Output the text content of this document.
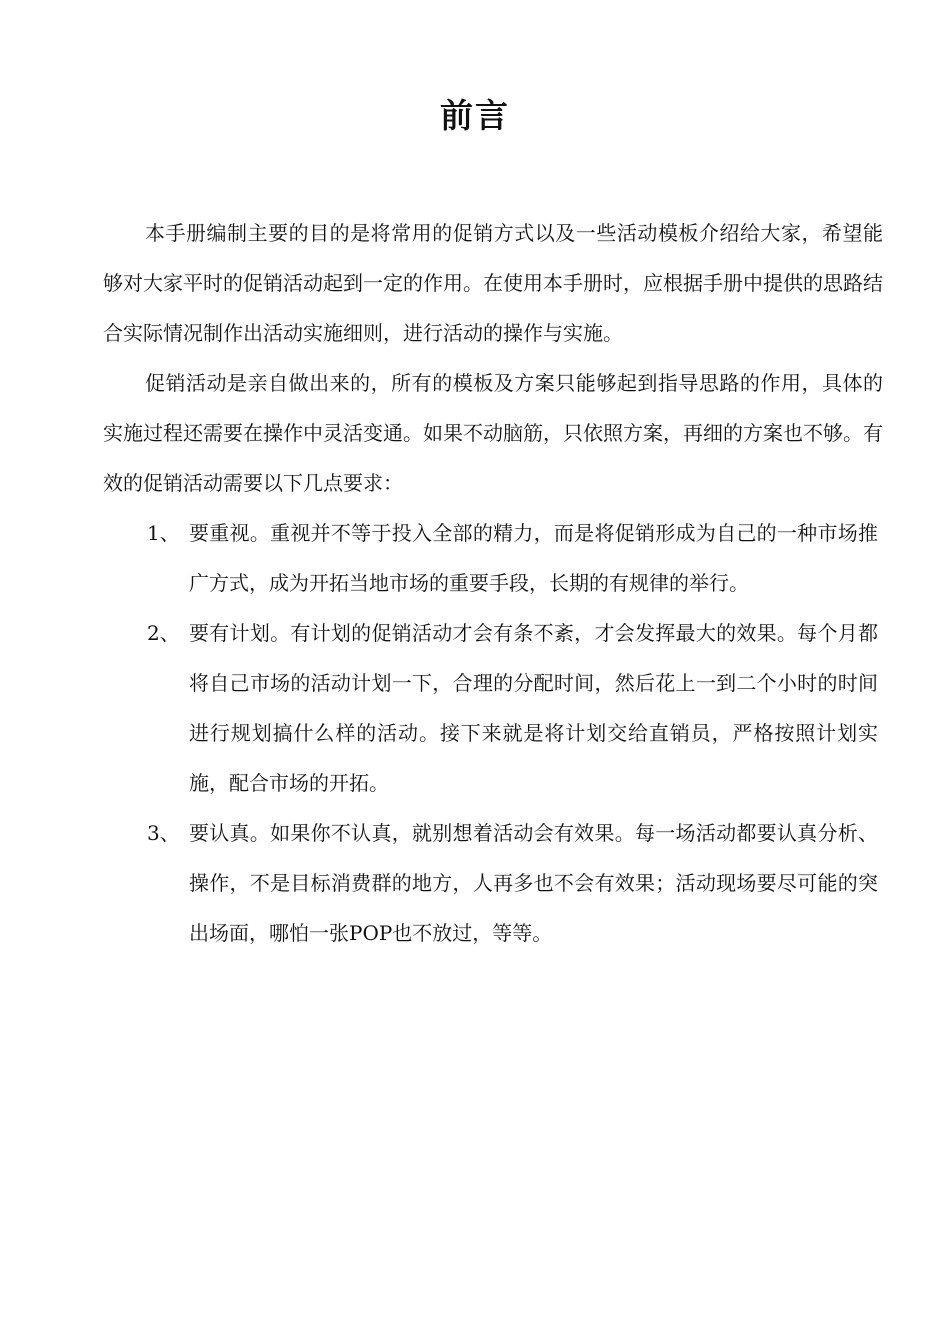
前言

本手册编制主要的目的是将常用的促销方式以及一些活动模板介绍给大家，希望能够对大家平时的促销活动起到一定的作用。在使用本手册时，应根据手册中提供的思路结合实际情况制作出活动实施细则，进行活动的操作与实施。

促销活动是亲自做出来的，所有的模板及方案只能够起到指导思路的作用，具体的实施过程还需要在操作中灵活变通。如果不动脑筋，只依照方案，再细的方案也不够。有效的促销活动需要以下几点要求：

1、 要重视。重视并不等于投入全部的精力，而是将促销形成为自己的一种市场推广方式，成为开拓当地市场的重要手段，长期的有规律的举行。
2、 要有计划。有计划的促销活动才会有条不紊，才会发挥最大的效果。每个月都将自己市场的活动计划一下，合理的分配时间，然后花上一到二个小时的时间进行规划搞什么样的活动。接下来就是将计划交给直销员，严格按照计划实施，配合市场的开拓。
3、 要认真。如果你不认真，就别想着活动会有效果。每一场活动都要认真分析、操作，不是目标消费群的地方，人再多也不会有效果；活动现场要尽可能的突出场面，哪怕一张POP也不放过，等等。
